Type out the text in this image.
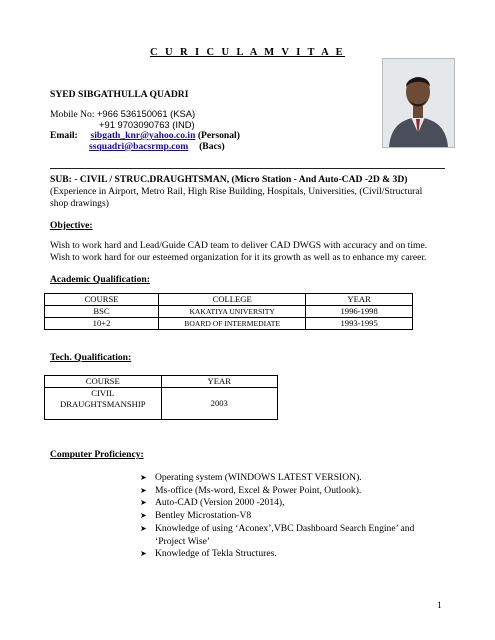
C U R I C U L A M V I T A E
SYED SIBGATHULLA QUADRI
Mobile No: +966 536150061 (KSA)
+91 9703090763 (IND)
Email: sibgath_knr@yahoo.co.in (Personal)
ssquadri@bacsrmp.com (Bacs)
SUB: - CIVIL / STRUC.DRAUGHTSMAN, (Micro Station - And Auto-CAD -2D & 3D)
(Experience in Airport, Metro Rail, High Rise Building, Hospitals, Universities, (Civil/Structural shop drawings)
Objective:
Wish to work hard and Lead/Guide CAD team to deliver CAD DWGS with accuracy and on time.
Wish to work hard for our esteemed organization for it its growth as well as to enhance my career.
Academic Qualification:
COURSE	COLLEGE	YEAR
BSC	KAKATIYA UNIVERSITY	1996-1998
10+2	BOARD OF INTERMEDIATE	1993-1995
Tech. Qualification:
COURSE	YEAR

CIVIL
DRAUGHTSMANSHIP	2003
Computer Proficiency:
➤ Operating system (WINDOWS LATEST VERSION).
➤ Ms-office (Ms-word, Excel & Power Point, Outlook).
➤ Auto-CAD (Version 2000 -2014),
➤ Bentley Microstation-V8
➤ Knowledge of using ‘Aconex’,VBC Dashboard Search Engine’ and
‘Project Wise’
➤ Knowledge of Tekla Structures.
1
